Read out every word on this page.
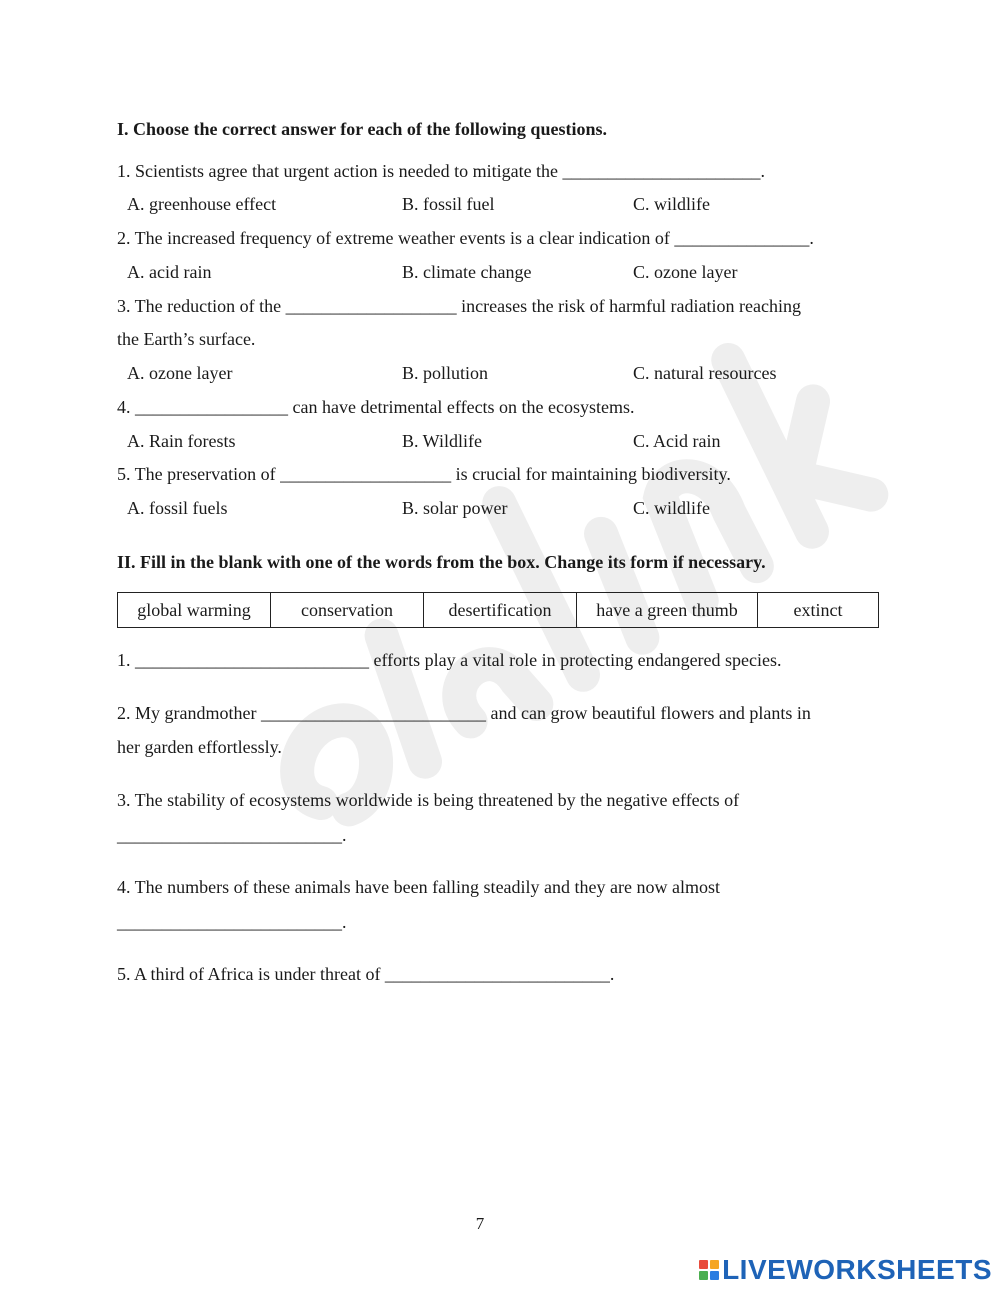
I. Choose the correct answer for each of the following questions.
1. Scientists agree that urgent action is needed to mitigate the ______________________.
A. greenhouse effect	B. fossil fuel	C. wildlife
2. The increased frequency of extreme weather events is a clear indication of _______________.
A. acid rain	B. climate change	C. ozone layer
3. The reduction of the ___________________ increases the risk of harmful radiation reaching
the Earth’s surface.
A. ozone layer	B. pollution	C. natural resources
4. _________________ can have detrimental effects on the ecosystems.
A. Rain forests	B. Wildlife	C. Acid rain
5. The preservation of ___________________ is crucial for maintaining biodiversity.
A. fossil fuels	B. solar power	C. wildlife
II. Fill in the blank with one of the words from the box. Change its form if necessary.
global warming	conservation	desertification	have a green thumb	extinct
1. __________________________ efforts play a vital role in protecting endangered species.
2. My grandmother _________________________ and can grow beautiful flowers and plants in
her garden effortlessly.
3. The stability of ecosystems worldwide is being threatened by the negative effects of
_________________________.
4. The numbers of these animals have been falling steadily and they are now almost
_________________________.
5. A third of Africa is under threat of _________________________.
7
LIVEWORKSHEETS
